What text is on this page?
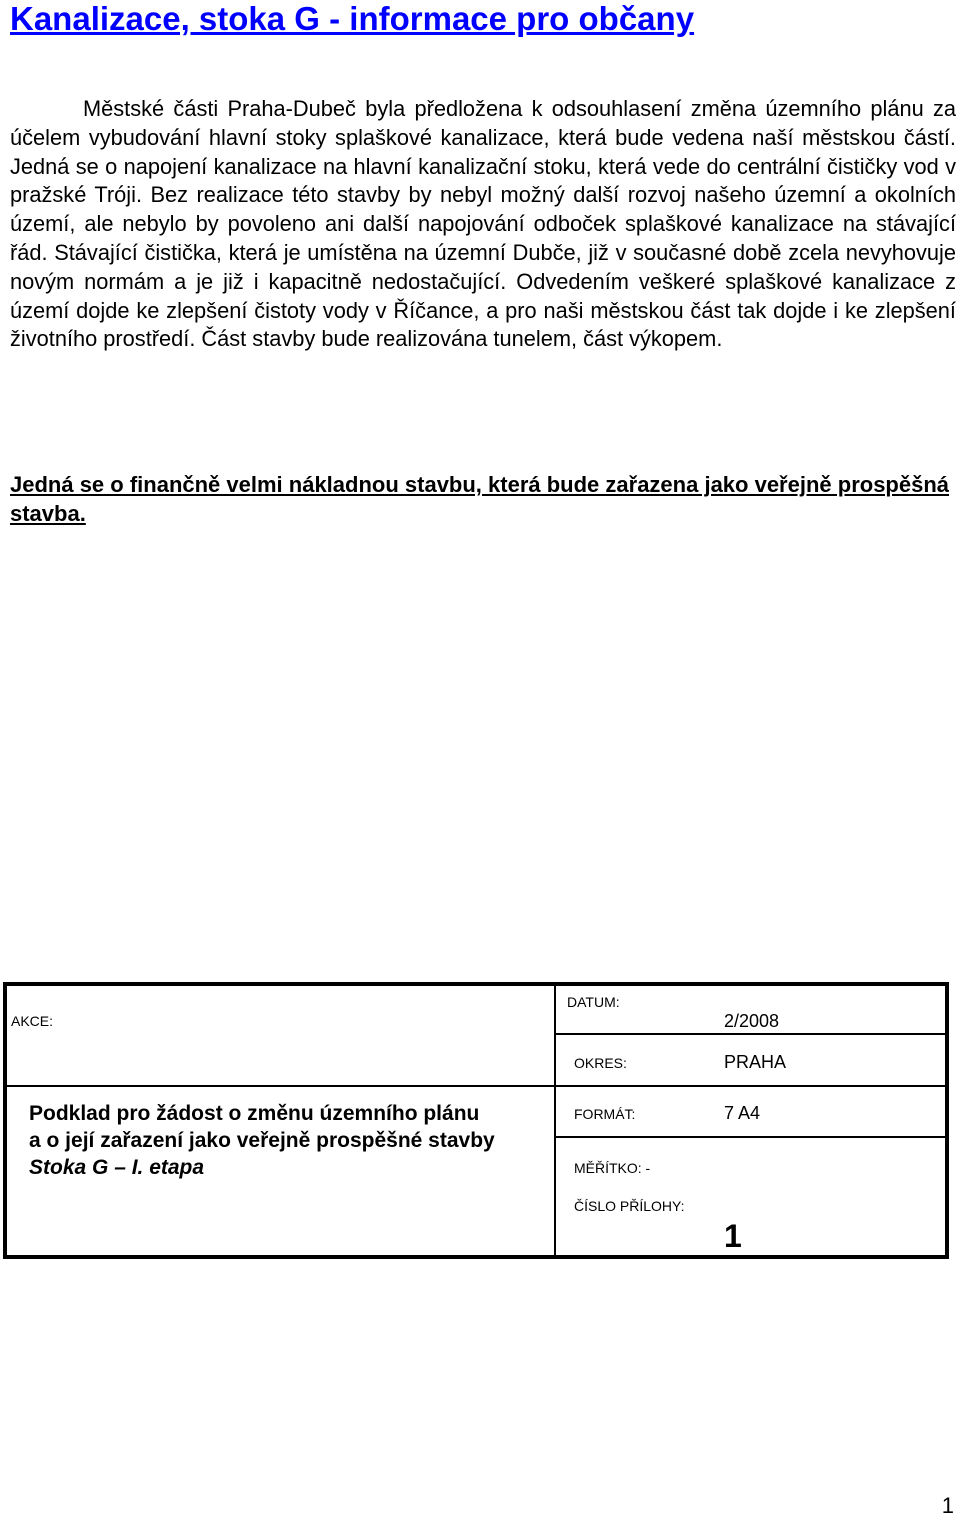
Kanalizace, stoka G - informace pro občany

Městské části Praha-Dubeč byla předložena k odsouhlasení změna územního plánu za účelem vybudování hlavní stoky splaškové kanalizace, která bude vedena naší městskou částí. Jedná se o napojení kanalizace na hlavní kanalizační stoku, která vede do centrální čističky vod v pražské Tróji. Bez realizace této stavby by nebyl možný další rozvoj našeho územní a okolních území, ale nebylo by povoleno ani další napojování odboček splaškové kanalizace na stávající řád. Stávající čistička, která je umístěna na územní Dubče, již v současné době zcela nevyhovuje novým normám a je již i kapacitně nedostačující. Odvedením veškeré splaškové kanalizace z území dojde ke zlepšení čistoty vody v Říčance, a pro naši městskou část tak dojde i ke zlepšení životního prostředí. Část stavby bude realizována tunelem, část výkopem.

Jedná se o finančně velmi nákladnou stavbu, která bude zařazena jako veřejně prospěšná stavba.

AKCE:
Podklad pro žádost o změnu územního plánu
a o její zařazení jako veřejně prospěšné stavby
Stoka G – I. etapa
DATUM:
2/2008
OKRES:	PRAHA
FORMÁT:	7 A4
MĚŘÍTKO: -
ČÍSLO PŘÍLOHY:
1
1
